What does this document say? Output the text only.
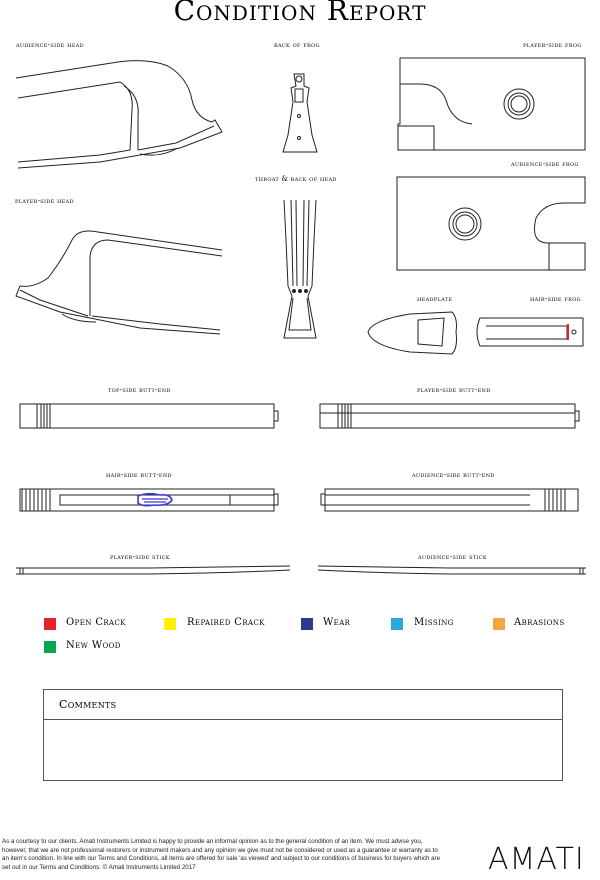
Condition Report
audience-side head	back of frog	player-side frog
audience-side frog
throat & back of head
player-side head
headplate	hair-side frog
top-side butt-end	player-side butt-end
hair-side butt-end	audience-side butt-end
player-side stick	audience-side stick
Open Crack	Repaired Crack	Wear	Missing	Abrasions
New Wood
Comments
As a courtesy to our clients, Amati Instruments Limited is happy to provide an informal opinion as to the general condition of an item. We must advise you, however, that we are not professional restorers or instrument makers and any opinion we give must not be considered or used as a guarantee or warranty as to an item's condition. In line with our Terms and Conditions, all items are offered for sale 'as viewed' and subject to our conditions of business for buyers which are set out in our Terms and Conditions. © Amati Instruments Limited 2017	AMATI
